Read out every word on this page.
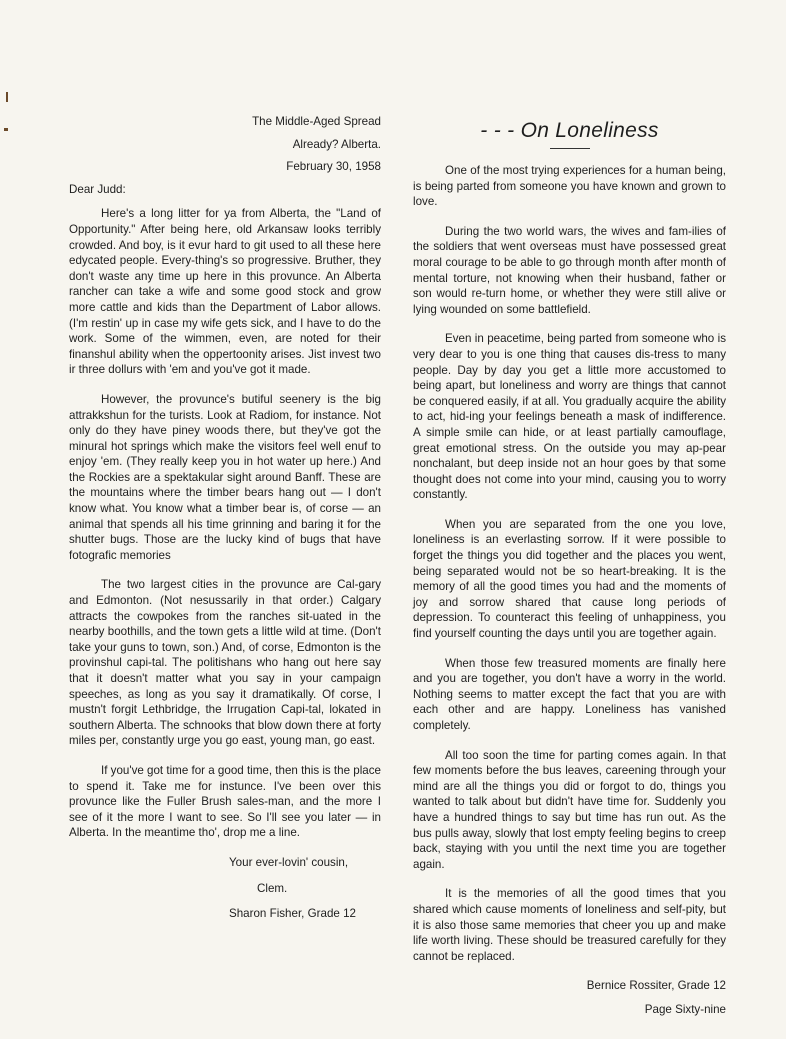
The Middle-Aged Spread
Already? Alberta.
February 30, 1958
Dear Judd:

Here's a long litter for ya from Alberta, the "Land of Opportunity." After being here, old Arkansaw looks terribly crowded. And boy, is it evur hard to git used to all these here edycated people. Every-thing's so progressive. Bruther, they don't waste any time up here in this provunce. An Alberta rancher can take a wife and some good stock and grow more cattle and kids than the Department of Labor allows. (I'm restin' up in case my wife gets sick, and I have to do the work. Some of the wimmen, even, are noted for their finanshul ability when the oppertoonity arises. Jist invest two ir three dollurs with 'em and you've got it made.

However, the provunce's butiful seenery is the big attrakkshun for the turists. Look at Radiom, for instance. Not only do they have piney woods there, but they've got the minural hot springs which make the visitors feel well enuf to enjoy 'em. (They really keep you in hot water up here.) And the Rockies are a spektakular sight around Banff. These are the mountains where the timber bears hang out — I don't know what. You know what a timber bear is, of corse — an animal that spends all his time grinning and baring it for the shutter bugs. Those are the lucky kind of bugs that have fotografic memories

The two largest cities in the provunce are Cal-gary and Edmonton. (Not nesussarily in that order.) Calgary attracts the cowpokes from the ranches sit-uated in the nearby boothills, and the town gets a little wild at time. (Don't take your guns to town, son.) And, of corse, Edmonton is the provinshul capi-tal. The politishans who hang out here say that it doesn't matter what you say in your campaign speeches, as long as you say it dramatikally. Of corse, I mustn't forgit Lethbridge, the Irrugation Capi-tal, lokated in southern Alberta. The schnooks that blow down there at forty miles per, constantly urge you go east, young man, go east.

If you've got time for a good time, then this is the place to spend it. Take me for instunce. I've been over this provunce like the Fuller Brush sales-man, and the more I see of it the more I want to see. So I'll see you later — in Alberta. In the meantime tho', drop me a line.

Your ever-lovin' cousin,
Clem.
Sharon Fisher, Grade 12
- - - On Loneliness

One of the most trying experiences for a human being, is being parted from someone you have known and grown to love.

During the two world wars, the wives and fam-ilies of the soldiers that went overseas must have possessed great moral courage to be able to go through month after month of mental torture, not knowing when their husband, father or son would re-turn home, or whether they were still alive or lying wounded on some battlefield.

Even in peacetime, being parted from someone who is very dear to you is one thing that causes dis-tress to many people. Day by day you get a little more accustomed to being apart, but loneliness and worry are things that cannot be conquered easily, if at all. You gradually acquire the ability to act, hid-ing your feelings beneath a mask of indifference. A simple smile can hide, or at least partially camouflage, great emotional stress. On the outside you may ap-pear nonchalant, but deep inside not an hour goes by that some thought does not come into your mind, causing you to worry constantly.

When you are separated from the one you love, loneliness is an everlasting sorrow. If it were possible to forget the things you did together and the places you went, being separated would not be so heart-breaking. It is the memory of all the good times you had and the moments of joy and sorrow shared that cause long periods of depression. To counteract this feeling of unhappiness, you find yourself counting the days until you are together again.

When those few treasured moments are finally here and you are together, you don't have a worry in the world. Nothing seems to matter except the fact that you are with each other and are happy. Loneliness has vanished completely.

All too soon the time for parting comes again. In that few moments before the bus leaves, careening through your mind are all the things you did or forgot to do, things you wanted to talk about but didn't have time for. Suddenly you have a hundred things to say but time has run out. As the bus pulls away, slowly that lost empty feeling begins to creep back, staying with you until the next time you are together again.

It is the memories of all the good times that you shared which cause moments of loneliness and self-pity, but it is also those same memories that cheer you up and make life worth living. These should be treasured carefully for they cannot be replaced.

Bernice Rossiter, Grade 12
Page Sixty-nine
